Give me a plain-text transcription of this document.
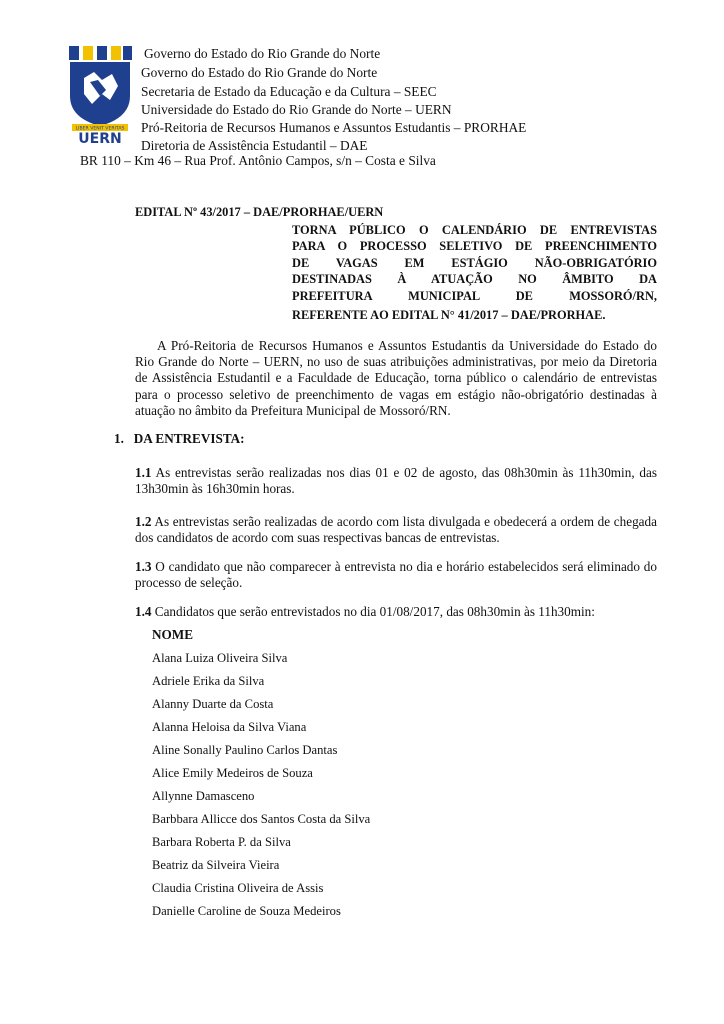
LIBER VENIT VERITAS
UERN
Governo do Estado do Rio Grande do Norte
Governo do Estado do Rio Grande do Norte
Secretaria de Estado da Educação e da Cultura – SEEC
Universidade do Estado do Rio Grande do Norte – UERN
Pró-Reitoria de Recursos Humanos e Assuntos Estudantis – PRORHAE
Diretoria de Assistência Estudantil – DAE
BR 110 – Km 46 – Rua Prof. Antônio Campos, s/n – Costa e Silva
EDITAL Nº 43/2017 – DAE/PRORHAE/UERN
TORNA PÚBLICO O CALENDÁRIO DE ENTREVISTAS
PARA O PROCESSO SELETIVO DE PREENCHIMENTO
DE VAGAS EM ESTÁGIO NÃO-OBRIGATÓRIO
DESTINADAS À ATUAÇÃO NO ÂMBITO DA
PREFEITURA MUNICIPAL DE MOSSORÓ/RN,
REFERENTE AO EDITAL N° 41/2017 – DAE/PRORHAE.

A Pró-Reitoria de Recursos Humanos e Assuntos Estudantis da Universidade do Estado do Rio Grande do Norte – UERN, no uso de suas atribuições administrativas, por meio da Diretoria de Assistência Estudantil e a Faculdade de Educação, torna público o calendário de entrevistas para o processo seletivo de preenchimento de vagas em estágio não-obrigatório destinadas à atuação no âmbito da Prefeitura Municipal de Mossoró/RN.

1.   DA ENTREVISTA:

1.1 As entrevistas serão realizadas nos dias 01 e 02 de agosto, das 08h30min às 11h30min, das 13h30min às 16h30min horas.

1.2 As entrevistas serão realizadas de acordo com lista divulgada e obedecerá a ordem de chegada dos candidatos de acordo com suas respectivas bancas de entrevistas.

1.3 O candidato que não comparecer à entrevista no dia e horário estabelecidos será eliminado do processo de seleção.

1.4 Candidatos que serão entrevistados no dia 01/08/2017, das 08h30min às 11h30min:

NOME
Alana Luiza Oliveira Silva
Adriele Erika da Silva
Alanny Duarte da Costa
Alanna Heloisa da Silva Viana
Aline Sonally Paulino Carlos Dantas
Alice Emily Medeiros de Souza
Allynne Damasceno
Barbbara Allicce dos Santos Costa da Silva
Barbara Roberta P. da Silva
Beatriz da Silveira Vieira
Claudia Cristina Oliveira de Assis
Danielle Caroline de Souza Medeiros
